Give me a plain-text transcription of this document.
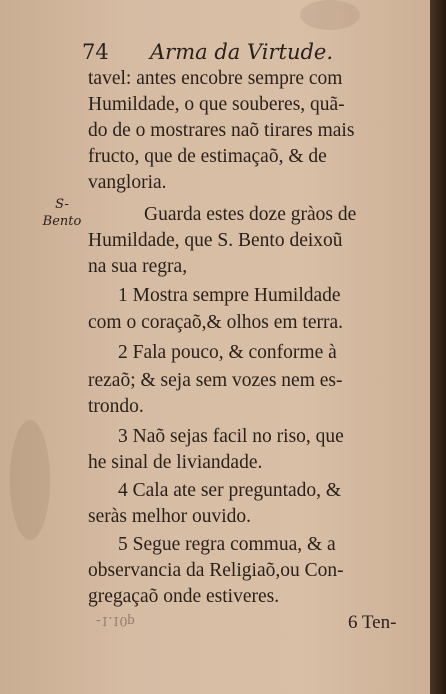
74 Arma da Virtude.
S-
Bento
tavel: antes encobre sempre com
Humildade, o que souberes, quã-
do de o mostrares naõ tirares mais
fructo, que de estimaçaõ, & de
vangloria.
Guarda estes doze gràos de
Humildade, que S. Bento deixoũ
na sua regra,
1 Mostra sempre Humildade
com o coraçaõ,& olhos em terra.
2 Fala pouco, & conforme à
rezaõ; & seja sem vozes nem es-
trondo.
3 Naõ sejas facil no riso, que
he sinal de liviandade.
4 Cala ate ser preguntado, &
seràs melhor ouvido.
5 Segue regra commua, & a
observancia da Religiaõ,ou Con-
gregaçaõ onde estiveres.
-1.10p	6 Ten-
